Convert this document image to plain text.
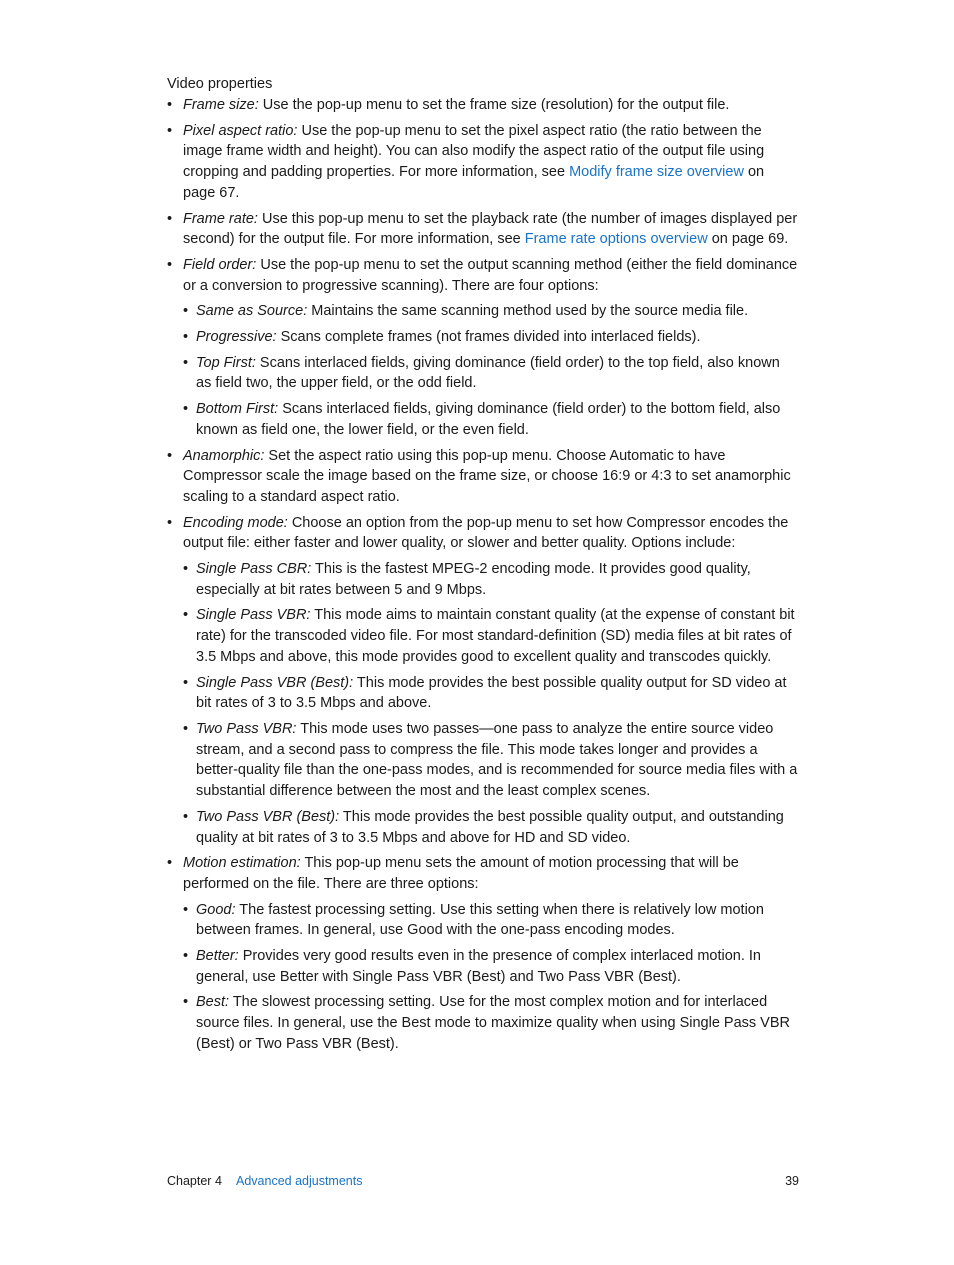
Video properties
• Frame size: Use the pop-up menu to set the frame size (resolution) for the output file.
• Pixel aspect ratio: Use the pop-up menu to set the pixel aspect ratio (the ratio between the image frame width and height). You can also modify the aspect ratio of the output file using cropping and padding properties. For more information, see Modify frame size overview on page 67.
• Frame rate: Use this pop-up menu to set the playback rate (the number of images displayed per second) for the output file. For more information, see Frame rate options overview on page 69.
• Field order: Use the pop-up menu to set the output scanning method (either the field dominance or a conversion to progressive scanning). There are four options:
• Same as Source: Maintains the same scanning method used by the source media file.
• Progressive: Scans complete frames (not frames divided into interlaced fields).
• Top First: Scans interlaced fields, giving dominance (field order) to the top field, also known as field two, the upper field, or the odd field.
• Bottom First: Scans interlaced fields, giving dominance (field order) to the bottom field, also known as field one, the lower field, or the even field.
• Anamorphic: Set the aspect ratio using this pop-up menu. Choose Automatic to have Compressor scale the image based on the frame size, or choose 16:9 or 4:3 to set anamorphic scaling to a standard aspect ratio.
• Encoding mode: Choose an option from the pop-up menu to set how Compressor encodes the output file: either faster and lower quality, or slower and better quality. Options include:
• Single Pass CBR: This is the fastest MPEG-2 encoding mode. It provides good quality, especially at bit rates between 5 and 9 Mbps.
• Single Pass VBR: This mode aims to maintain constant quality (at the expense of constant bit rate) for the transcoded video file. For most standard-definition (SD) media files at bit rates of 3.5 Mbps and above, this mode provides good to excellent quality and transcodes quickly.
• Single Pass VBR (Best): This mode provides the best possible quality output for SD video at bit rates of 3 to 3.5 Mbps and above.
• Two Pass VBR: This mode uses two passes—one pass to analyze the entire source video stream, and a second pass to compress the file. This mode takes longer and provides a better-quality file than the one-pass modes, and is recommended for source media files with a substantial difference between the most and the least complex scenes.
• Two Pass VBR (Best): This mode provides the best possible quality output, and outstanding quality at bit rates of 3 to 3.5 Mbps and above for HD and SD video.
• Motion estimation: This pop-up menu sets the amount of motion processing that will be performed on the file. There are three options:
• Good: The fastest processing setting. Use this setting when there is relatively low motion between frames. In general, use Good with the one-pass encoding modes.
• Better: Provides very good results even in the presence of complex interlaced motion. In general, use Better with Single Pass VBR (Best) and Two Pass VBR (Best).
• Best: The slowest processing setting. Use for the most complex motion and for interlaced source files. In general, use the Best mode to maximize quality when using Single Pass VBR (Best) or Two Pass VBR (Best).
Chapter 4 Advanced adjustments	39
